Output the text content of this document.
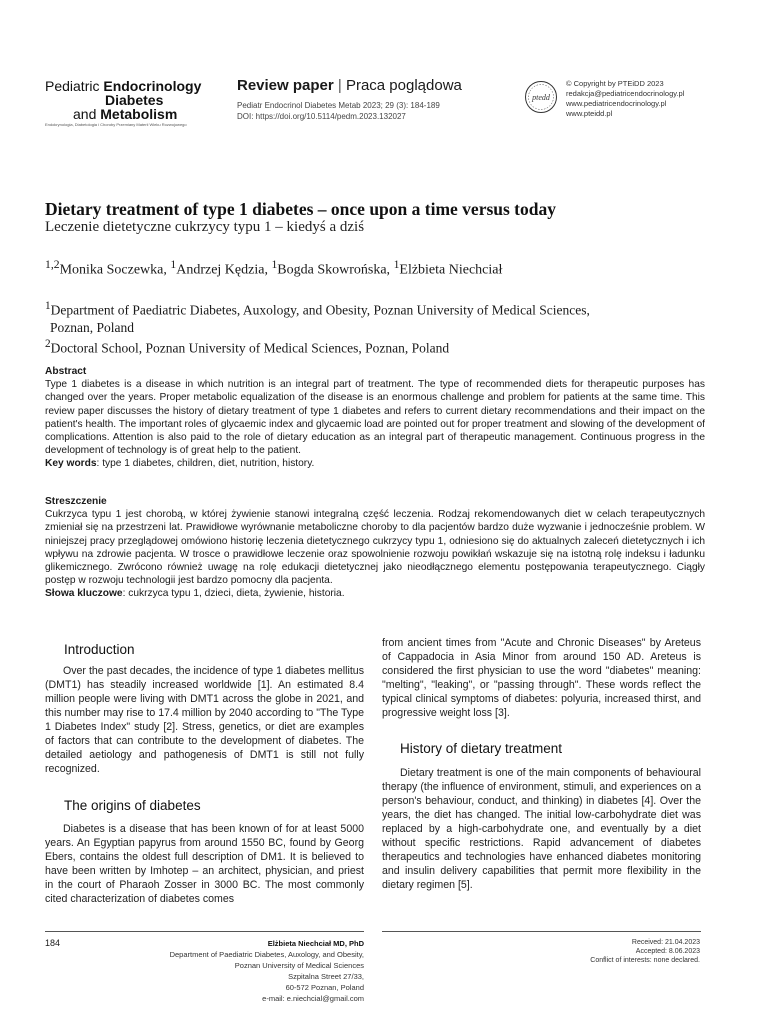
Pediatric Endocrinology
Diabetes
and Metabolism
Endokrynologia, Diabetologia i Choroby Przemiany Materii Wieku Rozwojowego
Review paper | Praca poglądowa
Pediatr Endocrinol Diabetes Metab 2023; 29 (3): 184-189
DOI: https://doi.org/10.5114/pedm.2023.132027
ptedd
© Copyright by PTEiDD 2023
redakcja@pediatricendocrinology.pl
www.pediatricendocrinology.pl
www.pteidd.pl
Dietary treatment of type 1 diabetes – once upon a time versus today
Leczenie dietetyczne cukrzycy typu 1 – kiedyś a dziś
$^{1,2}$Monika Soczewka, $^1$Andrzej Kędzia, $^1$Bogda Skowrońska, $^1$Elżbieta Niechciał
$^1$Department of Paediatric Diabetes, Auxology, and Obesity, Poznan University of Medical Sciences,
Poznan, Poland
$^2$Doctoral School, Poznan University of Medical Sciences, Poznan, Poland
Abstract
Type 1 diabetes is a disease in which nutrition is an integral part of treatment. The type of recommended diets for therapeutic purposes has changed over the years. Proper metabolic equalization of the disease is an enormous challenge and problem for patients at the same time. This review paper discusses the history of dietary treatment of type 1 diabetes and refers to current dietary recommendations and their impact on the patient's health. The important roles of glycaemic index and glycaemic load are pointed out for proper treatment and slowing of the development of complications. Attention is also paid to the role of dietary education as an integral part of therapeutic management. Continuous progress in the development of technology is of great help to the patient.
Key words: type 1 diabetes, children, diet, nutrition, history.
Streszczenie
Cukrzyca typu 1 jest chorobą, w której żywienie stanowi integralną część leczenia. Rodzaj rekomendowanych diet w celach terapeutycznych zmieniał się na przestrzeni lat. Prawidłowe wyrównanie metaboliczne choroby to dla pacjentów bardzo duże wyzwanie i jednocześnie problem. W niniejszej pracy przeglądowej omówiono historię leczenia dietetycznego cukrzycy typu 1, odniesiono się do aktualnych zaleceń dietetycznych i ich wpływu na zdrowie pacjenta. W trosce o prawidłowe leczenie oraz spowolnienie rozwoju powikłań wskazuje się na istotną rolę indeksu i ładunku glikemicznego. Zwrócono również uwagę na rolę edukacji dietetycznej jako nieodłącznego elementu postępowania terapeutycznego. Ciągły postęp w rozwoju technologii jest bardzo pomocny dla pacjenta.
Słowa kluczowe: cukrzyca typu 1, dzieci, dieta, żywienie, historia.
Introduction

Over the past decades, the incidence of type 1 diabetes mellitus (DMT1) has steadily increased worldwide [1]. An estimated 8.4 million people were living with DMT1 across the globe in 2021, and this number may rise to 17.4 million by 2040 according to "The Type 1 Diabetes Index" study [2]. Stress, genetics, or diet are examples of factors that can contribute to the development of diabetes. The detailed aetiology and pathogenesis of DMT1 is still not fully recognized.

The origins of diabetes

Diabetes is a disease that has been known of for at least 5000 years. An Egyptian papyrus from around 1550 BC, found by Georg Ebers, contains the oldest full description of DM1. It is believed to have been written by Imhotep – an architect, physician, and priest in the court of Pharaoh Zosser in 3000 BC. The most commonly cited characterization of diabetes comes

from ancient times from "Acute and Chronic Diseases" by Areteus of Cappadocia in Asia Minor from around 150 AD. Areteus is considered the first physician to use the word "diabetes" meaning: "melting", "leaking", or "passing through". These words reflect the typical clinical symptoms of diabetes: polyuria, increased thirst, and progressive weight loss [3].

History of dietary treatment

Dietary treatment is one of the main components of behavioural therapy (the influence of environment, stimuli, and experiences on a person's behaviour, conduct, and thinking) in diabetes [4]. Over the years, the diet has changed. The initial low-carbohydrate diet was replaced by a high-carbohydrate one, and eventually by a diet without specific restrictions. Rapid advancement of diabetes therapeutics and technologies have enhanced diabetes monitoring and insulin delivery capabilities that permit more flexibility in the dietary regimen [5].

184	Elżbieta Niechciał MD, PhD
Department of Paediatric Diabetes, Auxology, and Obesity,
Poznan University of Medical Sciences
Szpitalna Street 27/33,
60-572 Poznan, Poland
e-mail: e.niechcial@gmail.com
Received: 21.04.2023
Accepted: 8.06.2023
Conflict of interests: none declared.
